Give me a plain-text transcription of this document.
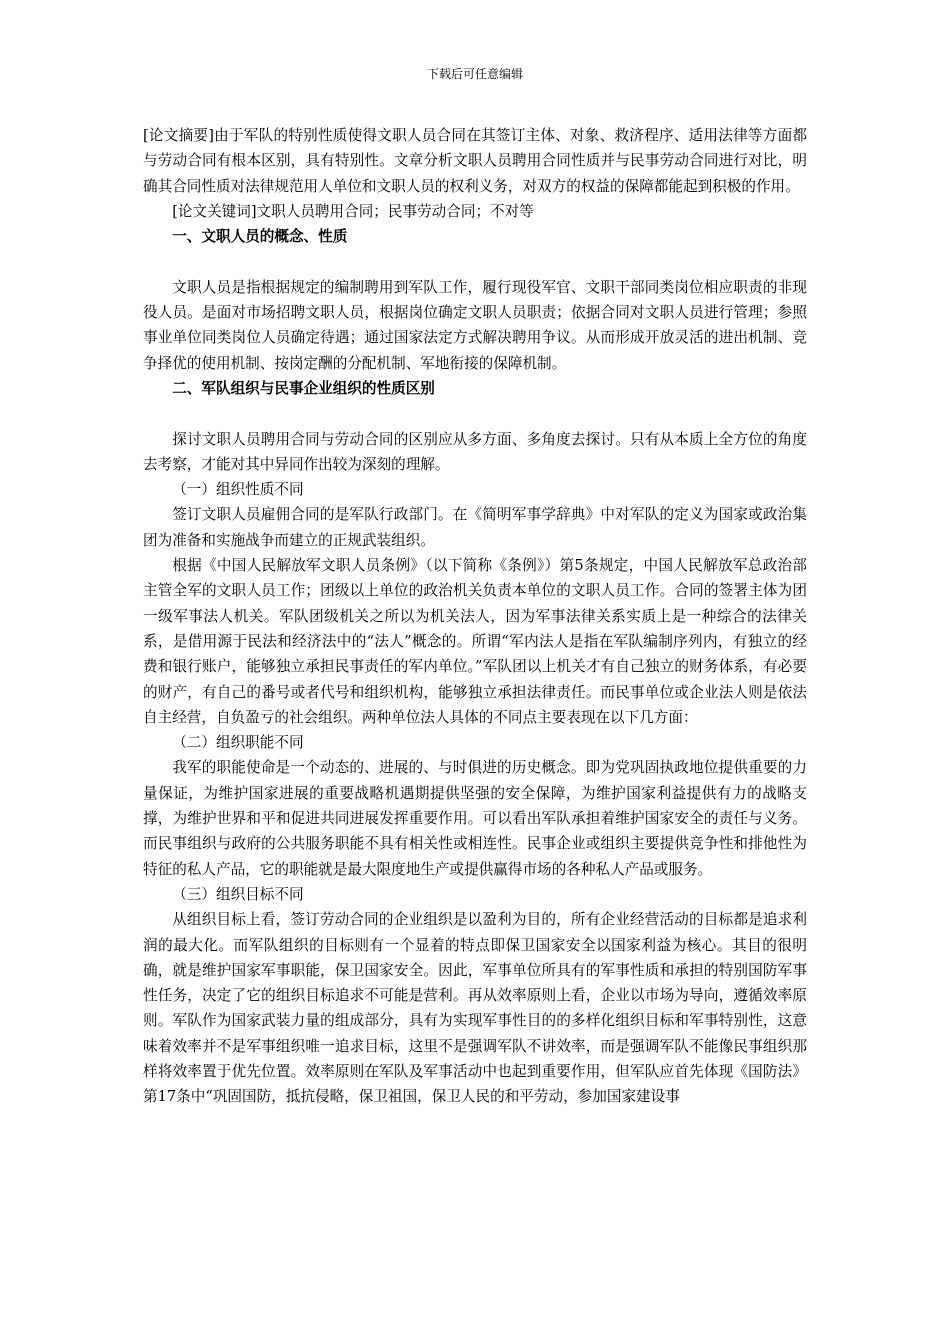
下载后可任意编辑

[论文摘要]由于军队的特别性质使得文职人员合同在其签订主体、对象、救济程序、适用法律等方面都与劳动合同有根本区别，具有特别性。文章分析文职人员聘用合同性质并与民事劳动合同进行对比，明确其合同性质对法律规范用人单位和文职人员的权利义务，对双方的权益的保障都能起到积极的作用。

[论文关键词]文职人员聘用合同；民事劳动合同；不对等

一、文职人员的概念、性质

文职人员是指根据规定的编制聘用到军队工作，履行现役军官、文职干部同类岗位相应职责的非现役人员。是面对市场招聘文职人员，根据岗位确定文职人员职责；依据合同对文职人员进行管理；参照事业单位同类岗位人员确定待遇；通过国家法定方式解决聘用争议。从而形成开放灵活的进出机制、竞争择优的使用机制、按岗定酬的分配机制、军地衔接的保障机制。

二、军队组织与民事企业组织的性质区别

探讨文职人员聘用合同与劳动合同的区别应从多方面、多角度去探讨。只有从本质上全方位的角度去考察，才能对其中异同作出较为深刻的理解。

（一）组织性质不同

签订文职人员雇佣合同的是军队行政部门。在《简明军事学辞典》中对军队的定义为国家或政治集团为准备和实施战争而建立的正规武装组织。

根据《中国人民解放军文职人员条例》（以下简称《条例》）第5条规定，中国人民解放军总政治部主管全军的文职人员工作；团级以上单位的政治机关负责本单位的文职人员工作。合同的签署主体为团一级军事法人机关。军队团级机关之所以为机关法人，因为军事法律关系实质上是一种综合的法律关系，是借用源于民法和经济法中的“法人”概念的。所谓“军内法人是指在军队编制序列内，有独立的经费和银行账户，能够独立承担民事责任的军内单位。”军队团以上机关才有自己独立的财务体系，有必要的财产，有自己的番号或者代号和组织机构，能够独立承担法律责任。而民事单位或企业法人则是依法自主经营，自负盈亏的社会组织。两种单位法人具体的不同点主要表现在以下几方面：

（二）组织职能不同

我军的职能使命是一个动态的、进展的、与时俱进的历史概念。即为党巩固执政地位提供重要的力量保证，为维护国家进展的重要战略机遇期提供坚强的安全保障，为维护国家利益提供有力的战略支撑，为维护世界和平和促进共同进展发挥重要作用。可以看出军队承担着维护国家安全的责任与义务。而民事组织与政府的公共服务职能不具有相关性或相连性。民事企业或组织主要提供竞争性和排他性为特征的私人产品，它的职能就是最大限度地生产或提供赢得市场的各种私人产品或服务。

（三）组织目标不同

从组织目标上看，签订劳动合同的企业组织是以盈利为目的，所有企业经营活动的目标都是追求利润的最大化。而军队组织的目标则有一个显着的特点即保卫国家安全以国家利益为核心。其目的很明确，就是维护国家军事职能，保卫国家安全。因此，军事单位所具有的军事性质和承担的特别国防军事性任务，决定了它的组织目标追求不可能是营利。再从效率原则上看，企业以市场为导向，遵循效率原则。军队作为国家武装力量的组成部分，具有为实现军事性目的的多样化组织目标和军事特别性，这意味着效率并不是军事组织唯一追求目标，这里不是强调军队不讲效率，而是强调军队不能像民事组织那样将效率置于优先位置。效率原则在军队及军事活动中也起到重要作用，但军队应首先体现《国防法》第17条中“巩固国防，抵抗侵略，保卫祖国，保卫人民的和平劳动，参加国家建设事
